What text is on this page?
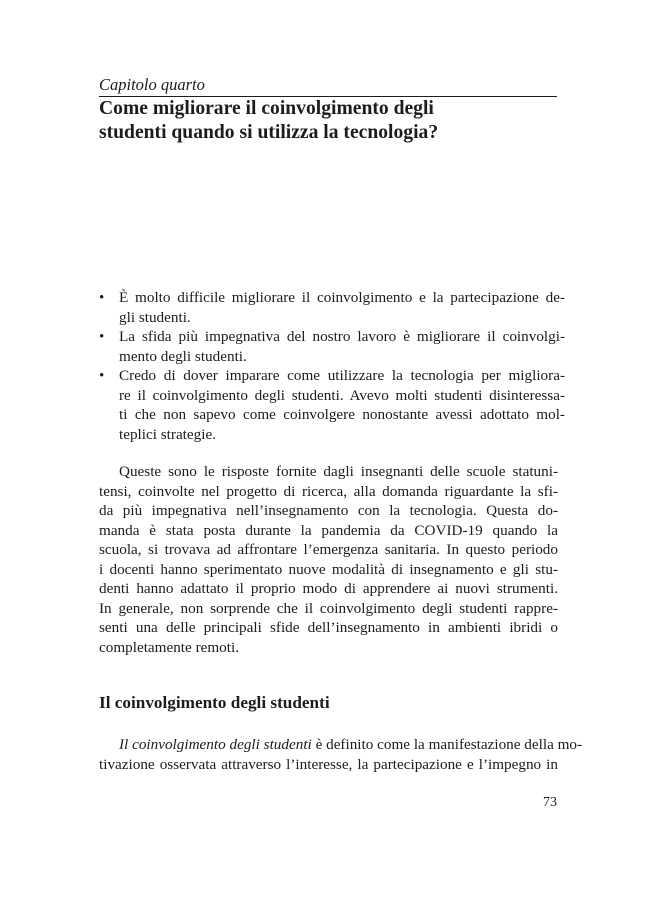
Capitolo quarto
Come migliorare il coinvolgimento degli
studenti quando si utilizza la tecnologia?
• È molto difficile migliorare il coinvolgimento e la partecipazione de-
gli studenti.
• La sfida più impegnativa del nostro lavoro è migliorare il coinvolgi-
mento degli studenti.
• Credo di dover imparare come utilizzare la tecnologia per migliora-
re il coinvolgimento degli studenti. Avevo molti studenti disinteressa-
ti che non sapevo come coinvolgere nonostante avessi adottato mol-
teplici strategie.
Queste sono le risposte fornite dagli insegnanti delle scuole statuni-
tensi, coinvolte nel progetto di ricerca, alla domanda riguardante la sfi-
da più impegnativa nell’insegnamento con la tecnologia. Questa do-
manda è stata posta durante la pandemia da COVID-19 quando la
scuola, si trovava ad affrontare l’emergenza sanitaria. In questo periodo
i docenti hanno sperimentato nuove modalità di insegnamento e gli stu-
denti hanno adattato il proprio modo di apprendere ai nuovi strumenti.
In generale, non sorprende che il coinvolgimento degli studenti rappre-
senti una delle principali sfide dell’insegnamento in ambienti ibridi o
completamente remoti.
Il coinvolgimento degli studenti
Il coinvolgimento degli studenti è definito come la manifestazione della mo-
tivazione osservata attraverso l’interesse, la partecipazione e l’impegno in
73
